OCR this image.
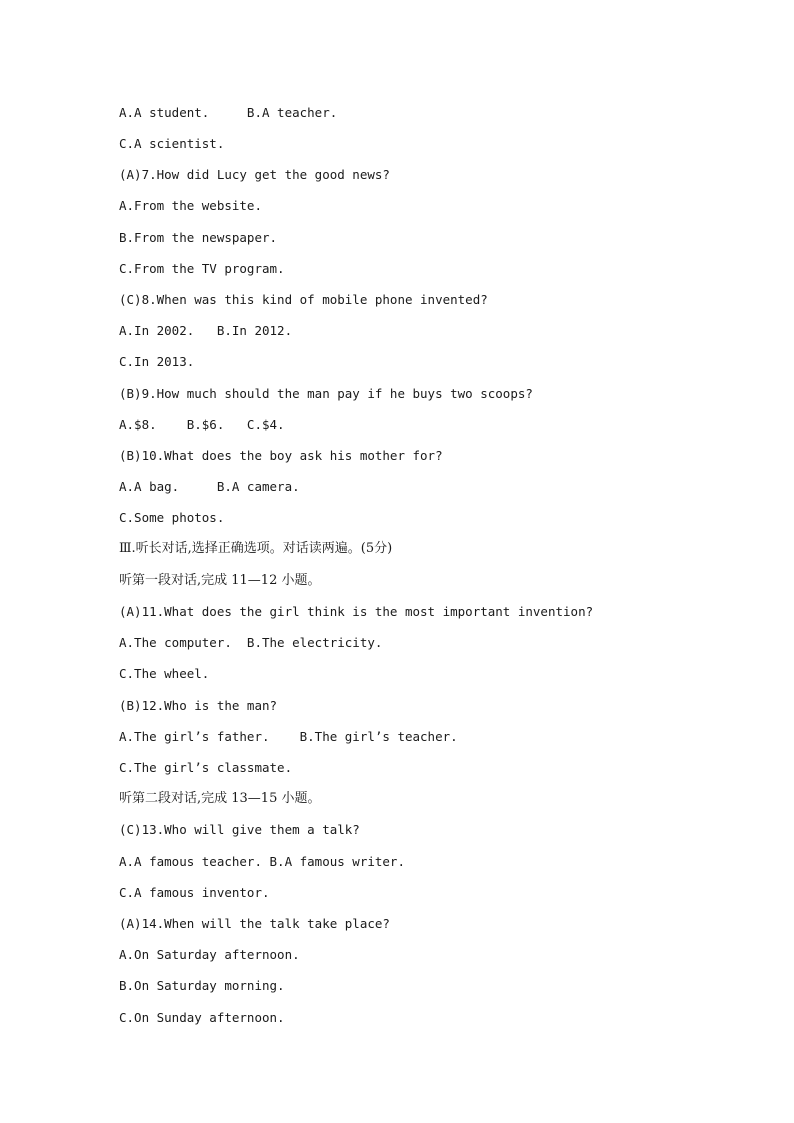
A.A student.     B.A teacher.
C.A scientist.
(A)7.How did Lucy get the good news?
A.From the website.
B.From the newspaper.
C.From the TV program.
(C)8.When was this kind of mobile phone invented?
A.In 2002.   B.In 2012.
C.In 2013.
(B)9.How much should the man pay if he buys two scoops?
A.$8.    B.$6.   C.$4.
(B)10.What does the boy ask his mother for?
A.A bag.     B.A camera.
C.Some photos.
Ⅲ.听长对话,选择正确选项。对话读两遍。(5分)
听第一段对话,完成 11—12 小题。
(A)11.What does the girl think is the most important invention?
A.The computer.  B.The electricity.
C.The wheel.
(B)12.Who is the man?
A.The girl’s father.    B.The girl’s teacher.
C.The girl’s classmate.
听第二段对话,完成 13—15 小题。
(C)13.Who will give them a talk?
A.A famous teacher. B.A famous writer.
C.A famous inventor.
(A)14.When will the talk take place?
A.On Saturday afternoon.
B.On Saturday morning.
C.On Sunday afternoon.
